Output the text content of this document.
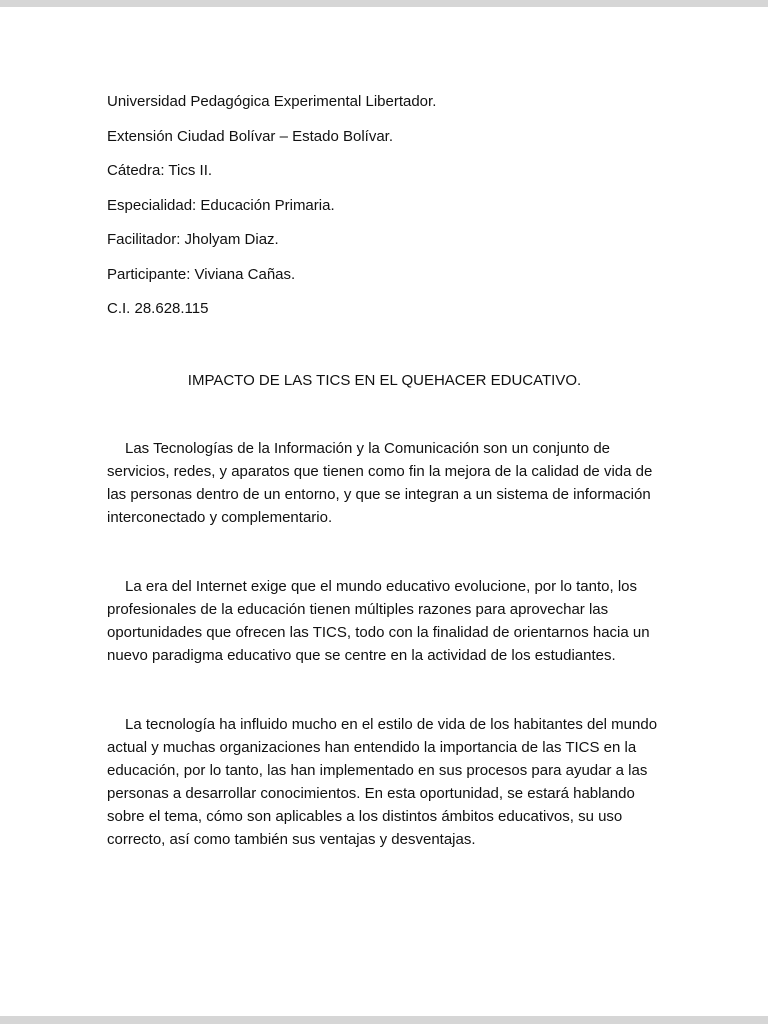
Universidad Pedagógica Experimental Libertador.

Extensión Ciudad Bolívar – Estado Bolívar.

Cátedra: Tics II.

Especialidad: Educación Primaria.

Facilitador: Jholyam Diaz.

Participante: Viviana Cañas.

C.I. 28.628.115

IMPACTO DE LAS TICS EN EL QUEHACER EDUCATIVO.

Las Tecnologías de la Información y la Comunicación son un conjunto de servicios, redes, y aparatos que tienen como fin la mejora de la calidad de vida de las personas dentro de un entorno, y que se integran a un sistema de información interconectado y complementario.

La era del Internet exige que el mundo educativo evolucione, por lo tanto, los profesionales de la educación tienen múltiples razones para aprovechar las oportunidades que ofrecen las TICS, todo con la finalidad de orientarnos hacia un nuevo paradigma educativo que se centre en la actividad de los estudiantes.

La tecnología ha influido mucho en el estilo de vida de los habitantes del mundo actual y muchas organizaciones han entendido la importancia de las TICS en la educación, por lo tanto, las han implementado en sus procesos para ayudar a las personas a desarrollar conocimientos. En esta oportunidad, se estará hablando sobre el tema, cómo son aplicables a los distintos ámbitos educativos, su uso correcto, así como también sus ventajas y desventajas.
